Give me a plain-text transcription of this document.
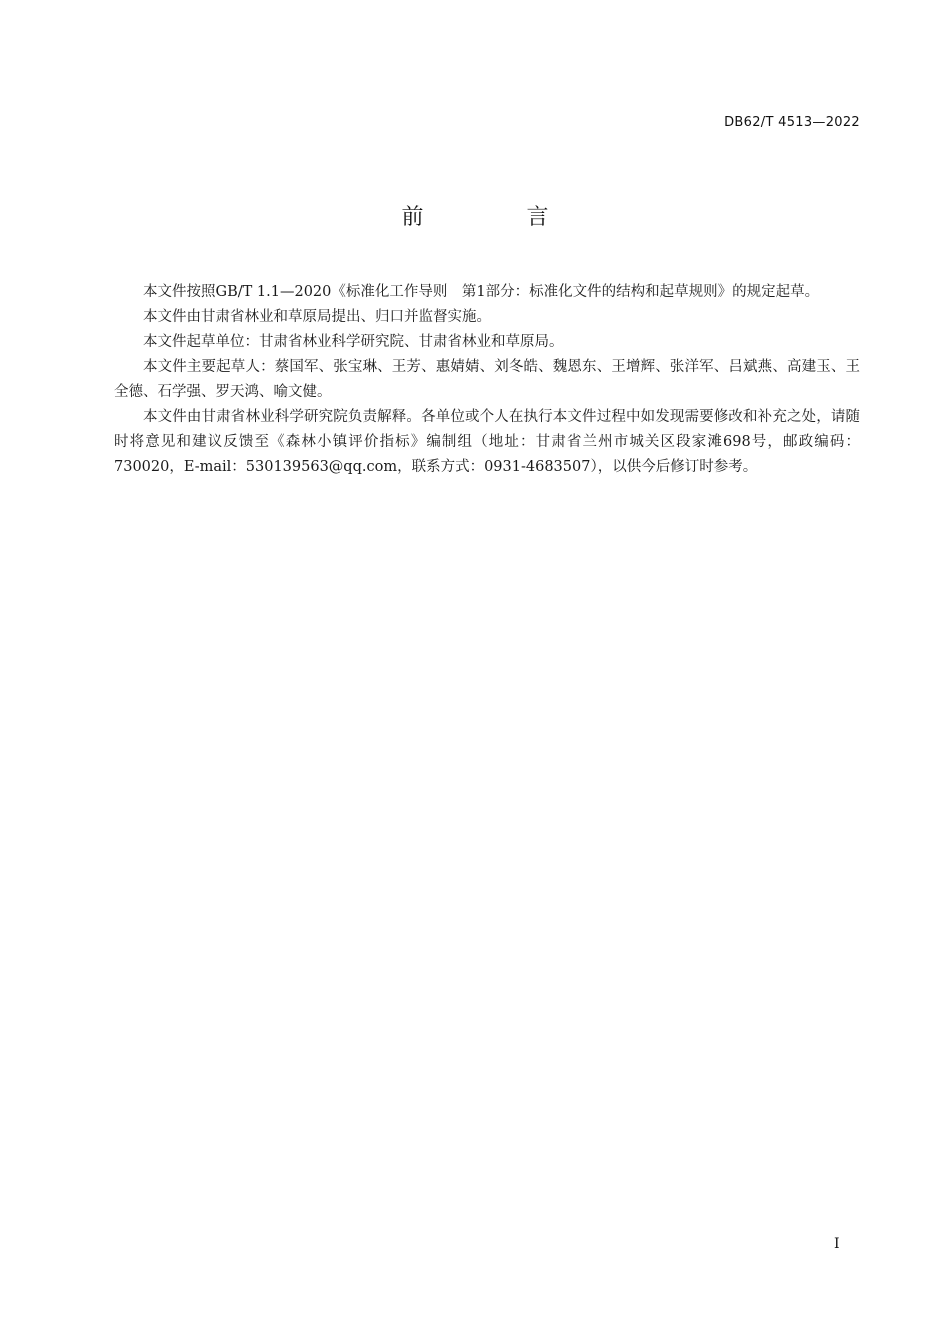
DB62/T 4513—2022
前 言

本文件按照GB/T 1.1—2020《标准化工作导则　第1部分：标准化文件的结构和起草规则》的规定起草。

本文件由甘肃省林业和草原局提出、归口并监督实施。

本文件起草单位：甘肃省林业科学研究院、甘肃省林业和草原局。

本文件主要起草人：蔡国军、张宝琳、王芳、惠婧婧、刘冬皓、魏恩东、王增辉、张洋军、吕斌燕、高建玉、王全德、石学强、罗天鸿、喻文健。

本文件由甘肃省林业科学研究院负责解释。各单位或个人在执行本文件过程中如发现需要修改和补充之处，请随时将意见和建议反馈至《森林小镇评价指标》编制组（地址：甘肃省兰州市城关区段家滩698号，邮政编码：730020，E-mail：530139563@qq.com，联系方式：0931-4683507），以供今后修订时参考。

I
